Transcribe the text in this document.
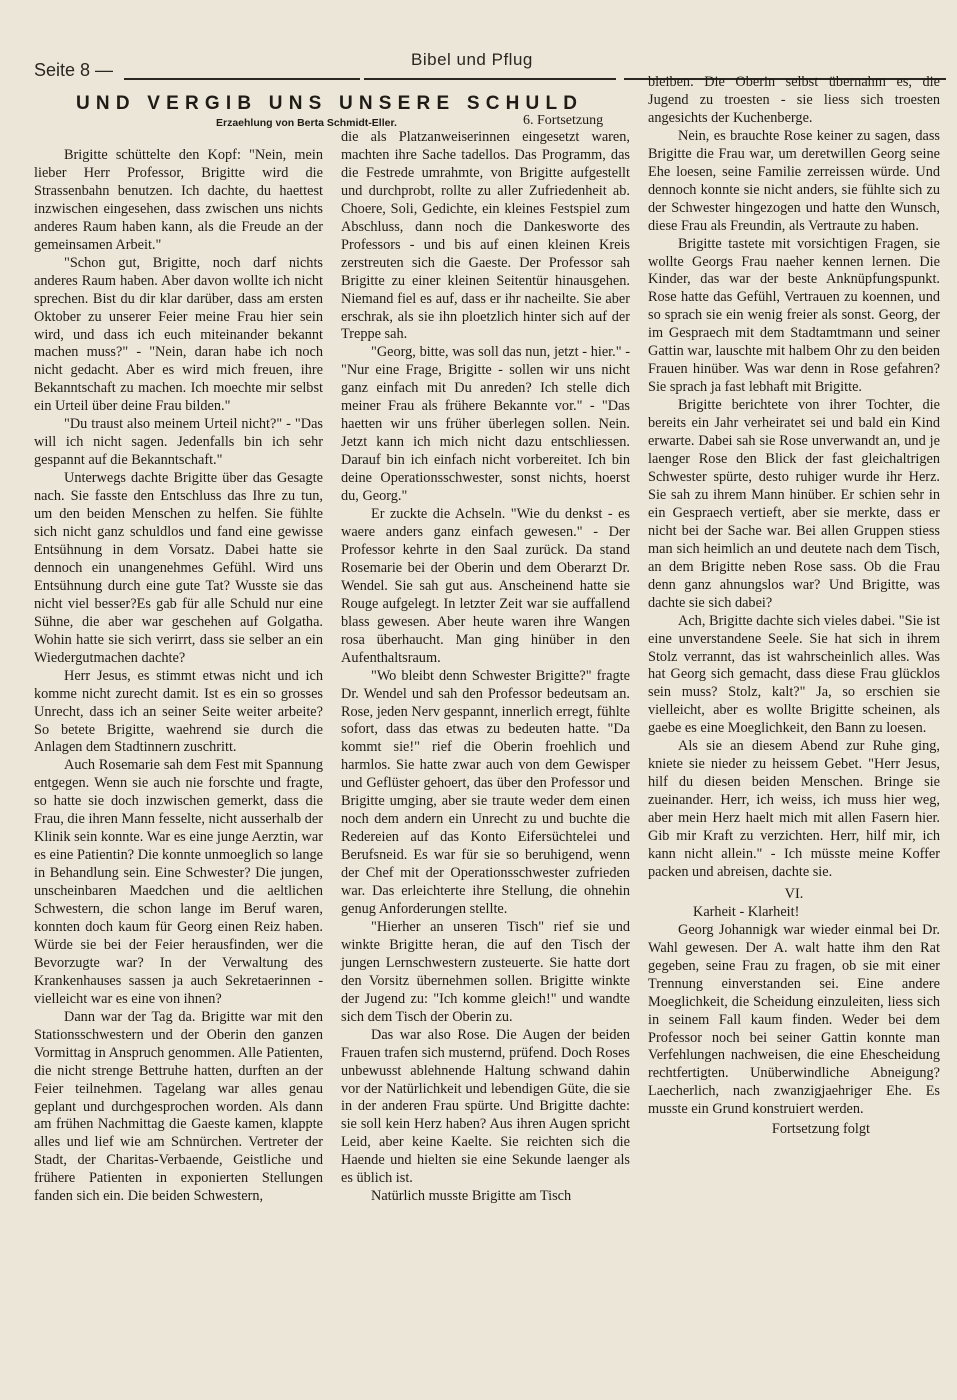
Seite 8 —
Bibel und Pflug
UND VERGIB UNS UNSERE SCHULD
Erzaehlung von Berta Schmidt-Eller.	6. Fortsetzung

Brigitte schüttelte den Kopf: "Nein, mein lieber Herr Professor, Brigitte wird die Strassenbahn benutzen. Ich dachte, du haettest inzwischen eingesehen, dass zwischen uns nichts anderes Raum haben kann, als die Freude an der gemeinsamen Arbeit."

"Schon gut, Brigitte, noch darf nichts anderes Raum haben. Aber davon wollte ich nicht sprechen. Bist du dir klar darüber, dass am ersten Oktober zu unserer Feier meine Frau hier sein wird, und dass ich euch miteinander bekannt machen muss?" - "Nein, daran habe ich noch nicht gedacht. Aber es wird mich freuen, ihre Bekanntschaft zu machen. Ich moechte mir selbst ein Urteil über deine Frau bilden."

"Du traust also meinem Urteil nicht?" - "Das will ich nicht sagen. Jedenfalls bin ich sehr gespannt auf die Bekanntschaft."

Unterwegs dachte Brigitte über das Gesagte nach. Sie fasste den Entschluss das Ihre zu tun, um den beiden Menschen zu helfen. Sie fühlte sich nicht ganz schuldlos und fand eine gewisse Entsühnung in dem Vorsatz. Dabei hatte sie dennoch ein unangenehmes Gefühl. Wird uns Entsühnung durch eine gute Tat? Wusste sie das nicht viel besser?Es gab für alle Schuld nur eine Sühne, die aber war geschehen auf Golgatha. Wohin hatte sie sich verirrt, dass sie selber an ein Wiedergutmachen dachte?

Herr Jesus, es stimmt etwas nicht und ich komme nicht zurecht damit. Ist es ein so grosses Unrecht, dass ich an seiner Seite weiter arbeite? So betete Brigitte, waehrend sie durch die Anlagen dem Stadtinnern zuschritt.

Auch Rosemarie sah dem Fest mit Spannung entgegen. Wenn sie auch nie forschte und fragte, so hatte sie doch inzwischen gemerkt, dass die Frau, die ihren Mann fesselte, nicht ausserhalb der Klinik sein konnte. War es eine junge Aerztin, war es eine Patientin? Die konnte unmoeglich so lange in Behandlung sein. Eine Schwester? Die jungen, unscheinbaren Maedchen und die aeltlichen Schwestern, die schon lange im Beruf waren, konnten doch kaum für Georg einen Reiz haben. Würde sie bei der Feier herausfinden, wer die Bevorzugte war? In der Verwaltung des Krankenhauses sassen ja auch Sekretaerinnen - vielleicht war es eine von ihnen?

Dann war der Tag da. Brigitte war mit den Stationsschwestern und der Oberin den ganzen Vormittag in Anspruch genommen. Alle Patienten, die nicht strenge Bettruhe hatten, durften an der Feier teilnehmen. Tagelang war alles genau geplant und durchgesprochen worden. Als dann am frühen Nachmittag die Gaeste kamen, klappte alles und lief wie am Schnürchen. Vertreter der Stadt, der Charitas-Verbaende, Geistliche und frühere Patienten in exponierten Stellungen fanden sich ein. Die beiden Schwestern,

die als Platzanweiserinnen eingesetzt waren, machten ihre Sache tadellos. Das Programm, das die Festrede umrahmte, von Brigitte aufgestellt und durchprobt, rollte zu aller Zufriedenheit ab. Choere, Soli, Gedichte, ein kleines Festspiel zum Abschluss, dann noch die Dankesworte des Professors - und bis auf einen kleinen Kreis zerstreuten sich die Gaeste. Der Professor sah Brigitte zu einer kleinen Seitentür hinausgehen. Niemand fiel es auf, dass er ihr nacheilte. Sie aber erschrak, als sie ihn ploetzlich hinter sich auf der Treppe sah.

"Georg, bitte, was soll das nun, jetzt - hier." - "Nur eine Frage, Brigitte - sollen wir uns nicht ganz einfach mit Du anreden? Ich stelle dich meiner Frau als frühere Bekannte vor." - "Das haetten wir uns früher überlegen sollen. Nein. Jetzt kann ich mich nicht dazu entschliessen. Darauf bin ich einfach nicht vorbereitet. Ich bin deine Operationsschwester, sonst nichts, hoerst du, Georg."

Er zuckte die Achseln. "Wie du denkst - es waere anders ganz einfach gewesen." - Der Professor kehrte in den Saal zurück. Da stand Rosemarie bei der Oberin und dem Oberarzt Dr. Wendel. Sie sah gut aus. Anscheinend hatte sie Rouge aufgelegt. In letzter Zeit war sie auffallend blass gewesen. Aber heute waren ihre Wangen rosa überhaucht. Man ging hinüber in den Aufenthaltsraum.

"Wo bleibt denn Schwester Brigitte?" fragte Dr. Wendel und sah den Professor bedeutsam an. Rose, jeden Nerv gespannt, innerlich erregt, fühlte sofort, dass das etwas zu bedeuten hatte. "Da kommt sie!" rief die Oberin froehlich und harmlos. Sie hatte zwar auch von dem Gewisper und Geflüster gehoert, das über den Professor und Brigitte umging, aber sie traute weder dem einen noch dem andern ein Unrecht zu und buchte die Redereien auf das Konto Eifersüchtelei und Berufsneid. Es war für sie so beruhigend, wenn der Chef mit der Operationsschwester zufrieden war. Das erleichterte ihre Stellung, die ohnehin genug Anforderungen stellte.

"Hierher an unseren Tisch" rief sie und winkte Brigitte heran, die auf den Tisch der jungen Lernschwestern zusteuerte. Sie hatte dort den Vorsitz übernehmen sollen. Brigitte winkte der Jugend zu: "Ich komme gleich!" und wandte sich dem Tisch der Oberin zu.

Das war also Rose. Die Augen der beiden Frauen trafen sich musternd, prüfend. Doch Roses unbewusst ablehnende Haltung schwand dahin vor der Natürlichkeit und lebendigen Güte, die sie in der anderen Frau spürte. Und Brigitte dachte: sie soll kein Herz haben? Aus ihren Augen spricht Leid, aber keine Kaelte. Sie reichten sich die Haende und hielten sie eine Sekunde laenger als es üblich ist.

Natürlich musste Brigitte am Tisch

bleiben. Die Oberin selbst übernahm es, die Jugend zu troesten - sie liess sich troesten angesichts der Kuchenberge.

Nein, es brauchte Rose keiner zu sagen, dass Brigitte die Frau war, um deretwillen Georg seine Ehe loesen, seine Familie zerreissen würde. Und dennoch konnte sie nicht anders, sie fühlte sich zu der Schwester hingezogen und hatte den Wunsch, diese Frau als Freundin, als Vertraute zu haben.

Brigitte tastete mit vorsichtigen Fragen, sie wollte Georgs Frau naeher kennen lernen. Die Kinder, das war der beste Anknüpfungspunkt. Rose hatte das Gefühl, Vertrauen zu koennen, und so sprach sie ein wenig freier als sonst. Georg, der im Gespraech mit dem Stadtamtmann und seiner Gattin war, lauschte mit halbem Ohr zu den beiden Frauen hinüber. Was war denn in Rose gefahren? Sie sprach ja fast lebhaft mit Brigitte.

Brigitte berichtete von ihrer Tochter, die bereits ein Jahr verheiratet sei und bald ein Kind erwarte. Dabei sah sie Rose unverwandt an, und je laenger Rose den Blick der fast gleichaltrigen Schwester spürte, desto ruhiger wurde ihr Herz. Sie sah zu ihrem Mann hinüber. Er schien sehr in ein Gespraech vertieft, aber sie merkte, dass er nicht bei der Sache war. Bei allen Gruppen stiess man sich heimlich an und deutete nach dem Tisch, an dem Brigitte neben Rose sass. Ob die Frau denn ganz ahnungslos war? Und Brigitte, was dachte sie sich dabei?

Ach, Brigitte dachte sich vieles dabei. "Sie ist eine unverstandene Seele. Sie hat sich in ihrem Stolz verrannt, das ist wahrscheinlich alles. Was hat Georg sich gemacht, dass diese Frau glücklos sein muss? Stolz, kalt?" Ja, so erschien sie vielleicht, aber es wollte Brigitte scheinen, als gaebe es eine Moeglichkeit, den Bann zu loesen.

Als sie an diesem Abend zur Ruhe ging, kniete sie nieder zu heissem Gebet. "Herr Jesus, hilf du diesen beiden Menschen. Bringe sie zueinander. Herr, ich weiss, ich muss hier weg, aber mein Herz haelt mich mit allen Fasern hier. Gib mir Kraft zu verzichten. Herr, hilf mir, ich kann nicht allein." - Ich müsste meine Koffer packen und abreisen, dachte sie.

VI.

Karheit - Klarheit!

Georg Johannigk war wieder einmal bei Dr. Wahl gewesen. Der A. walt hatte ihm den Rat gegeben, seine Frau zu fragen, ob sie mit einer Trennung einverstanden sei. Eine andere Moeglichkeit, die Scheidung einzuleiten, liess sich in seinem Fall kaum finden. Weder bei dem Professor noch bei seiner Gattin konnte man Verfehlungen nachweisen, die eine Ehescheidung rechtfertigten. Unüberwindliche Abneigung? Laecherlich, nach zwanzigjaehriger Ehe. Es musste ein Grund konstruiert werden.

Fortsetzung folgt
